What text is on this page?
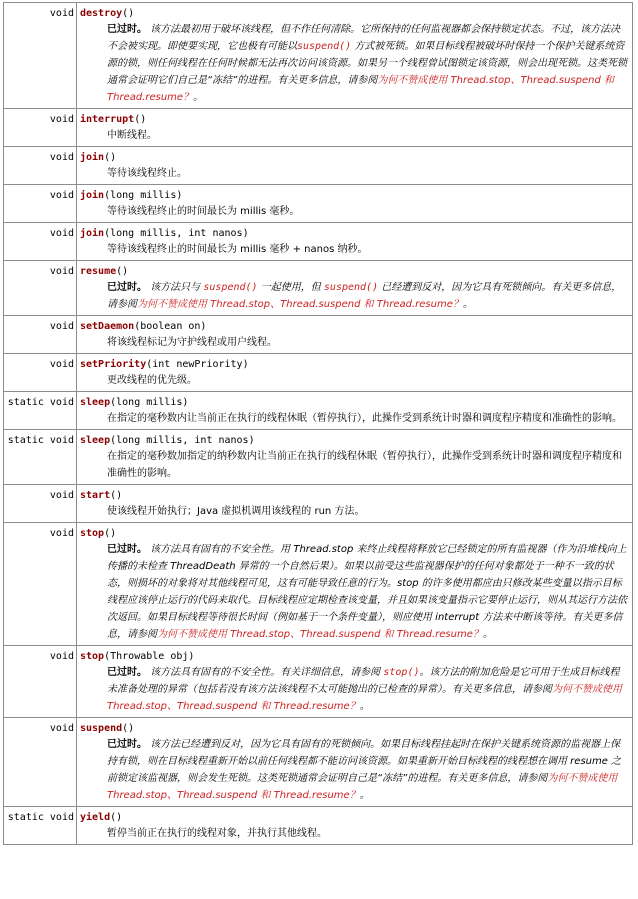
void	destroy()
已过时。 该方法最初用于破坏该线程，但不作任何清除。它所保持的任何监视器都会保持锁定状态。不过，该方法决不会被实现。即使要实现，它也极有可能以suspend() 方式被死锁。如果目标线程被破坏时保持一个保护关键系统资源的锁，则任何线程在任何时候都无法再次访问该资源。如果另一个线程曾试图锁定该资源，则会出现死锁。这类死锁通常会证明它们自己是“冻结”的进程。有关更多信息，请参阅为何不赞成使用 Thread.stop、Thread.suspend 和 Thread.resume？。

void	interrupt()
中断线程。

void	join()
等待该线程终止。

void	join(long millis)
等待该线程终止的时间最长为 millis 毫秒。

void	join(long millis, int nanos)
等待该线程终止的时间最长为 millis 毫秒 + nanos 纳秒。

void	resume()
已过时。 该方法只与 suspend() 一起使用，但 suspend() 已经遭到反对，因为它具有死锁倾向。有关更多信息，请参阅为何不赞成使用 Thread.stop、Thread.suspend 和 Thread.resume？。

void	setDaemon(boolean on)
将该线程标记为守护线程或用户线程。

void	setPriority(int newPriority)
更改线程的优先级。

static void	sleep(long millis)
在指定的毫秒数内让当前正在执行的线程休眠（暂停执行），此操作受到系统计时器和调度程序精度和准确性的影响。

static void	sleep(long millis, int nanos)
在指定的毫秒数加指定的纳秒数内让当前正在执行的线程休眠（暂停执行），此操作受到系统计时器和调度程序精度和准确性的影响。

void	start()
使该线程开始执行；Java 虚拟机调用该线程的 run 方法。

void	stop()
已过时。 该方法具有固有的不安全性。用 Thread.stop 来终止线程将释放它已经锁定的所有监视器（作为沿堆栈向上传播的未检查 ThreadDeath 异常的一个自然后果）。如果以前受这些监视器保护的任何对象都处于一种不一致的状态，则损坏的对象将对其他线程可见，这有可能导致任意的行为。stop 的许多使用都应由只修改某些变量以指示目标线程应该停止运行的代码来取代。目标线程应定期检查该变量，并且如果该变量指示它要停止运行，则从其运行方法依次返回。如果目标线程等待很长时间（例如基于一个条件变量），则应使用 interrupt 方法来中断该等待。有关更多信息，请参阅为何不赞成使用 Thread.stop、Thread.suspend 和 Thread.resume？。

void	stop(Throwable obj)
已过时。 该方法具有固有的不安全性。有关详细信息，请参阅 stop()。该方法的附加危险是它可用于生成目标线程未准备处理的异常（包括若没有该方法该线程不太可能抛出的已检查的异常）。有关更多信息，请参阅为何不赞成使用 Thread.stop、Thread.suspend 和 Thread.resume？。

void	suspend()
已过时。 该方法已经遭到反对，因为它具有固有的死锁倾向。如果目标线程挂起时在保护关键系统资源的监视器上保持有锁，则在目标线程重新开始以前任何线程都不能访问该资源。如果重新开始目标线程的线程想在调用 resume 之前锁定该监视器，则会发生死锁。这类死锁通常会证明自己是“冻结”的进程。有关更多信息，请参阅为何不赞成使用 Thread.stop、Thread.suspend 和 Thread.resume？。

static void	yield()
暂停当前正在执行的线程对象，并执行其他线程。
